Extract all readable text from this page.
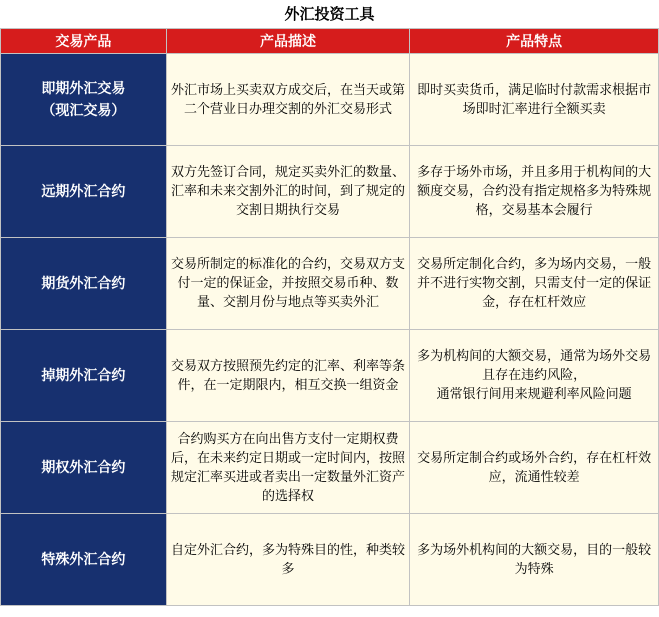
外汇投资工具
交易产品	产品描述	产品特点
即期外汇交易
（现汇交易）	外汇市场上买卖双方成交后，在当天或第二个营业日办理交割的外汇交易形式	即时买卖货币，满足临时付款需求根据市场即时汇率进行全额买卖
远期外汇合约	双方先签订合同，规定买卖外汇的数量、汇率和未来交割外汇的时间，到了规定的交割日期执行交易	多存于场外市场，并且多用于机构间的大额度交易，合约没有指定规格多为特殊规格，交易基本会履行
期货外汇合约	交易所制定的标准化的合约，交易双方支付一定的保证金，并按照交易币种、数量、交割月份与地点等买卖外汇	交易所定制化合约，多为场内交易，一般并不进行实物交割，只需支付一定的保证金，存在杠杆效应
掉期外汇合约	交易双方按照预先约定的汇率、利率等条件，在一定期限内，相互交换一组资金	多为机构间的大额交易，通常为场外交易且存在违约风险，
通常银行间用来规避利率风险问题
期权外汇合约	合约购买方在向出售方支付一定期权费后，在未来约定日期或一定时间内，按照规定汇率买进或者卖出一定数量外汇资产的选择权	交易所定制合约或场外合约，存在杠杆效应，流通性较差
特殊外汇合约	自定外汇合约，多为特殊目的性，种类较多	多为场外机构间的大额交易，目的一般较为特殊
